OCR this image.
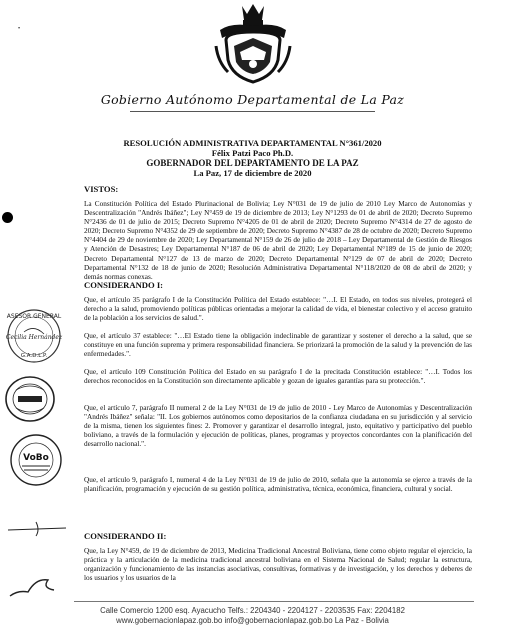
•
Gobierno Autónomo Departamental de La Paz
RESOLUCIÓN ADMINISTRATIVA DEPARTAMENTAL N°361/2020
Félix Patzi Paco Ph.D.
GOBERNADOR DEL DEPARTAMENTO DE LA PAZ
La Paz, 17 de diciembre de 2020
VISTOS:

La Constitución Política del Estado Plurinacional de Bolivia; Ley N°031 de 19 de julio de 2010 Ley Marco de Autonomías y Descentralización "Andrés Ibáñez"; Ley N°459 de 19 de diciembre de 2013; Ley N°1293 de 01 de abril de 2020; Decreto Supremo N°2436 de 01 de julio de 2015; Decreto Supremo N°4205 de 01 de abril de 2020; Decreto Supremo N°4314 de 27 de agosto de 2020; Decreto Supremo N°4352 de 29 de septiembre de 2020; Decreto Supremo N°4387 de 28 de octubre de 2020; Decreto Supremo N°4404 de 29 de noviembre de 2020; Ley Departamental N°159 de 26 de julio de 2018 – Ley Departamental de Gestión de Riesgos y Atención de Desastres; Ley Departamental N°187 de 06 de abril de 2020; Ley Departamental N°189 de 15 de junio de 2020; Decreto Departamental N°127 de 13 de marzo de 2020; Decreto Departamental N°129 de 07 de abril de 2020; Decreto Departamental N°132 de 18 de junio de 2020; Resolución Administrativa Departamental N°118/2020 de 08 de abril de 2020; y demás normas conexas.

CONSIDERANDO I:

Que, el artículo 35 parágrafo I de la Constitución Política del Estado establece: "…I. El Estado, en todos sus niveles, protegerá el derecho a la salud, promoviendo políticas públicas orientadas a mejorar la calidad de vida, el bienestar colectivo y el acceso gratuito de la población a los servicios de salud.".

Que, el artículo 37 establece: "…El Estado tiene la obligación indeclinable de garantizar y sostener el derecho a la salud, que se constituye en una función suprema y primera responsabilidad financiera. Se priorizará la promoción de la salud y la prevención de las enfermedades.".

Que, el artículo 109 Constitución Política del Estado en su parágrafo I de la precitada Constitución establece: "…I. Todos los derechos reconocidos en la Constitución son directamente aplicable y gozan de iguales garantías para su protección.".

Que, el artículo 7, parágrafo II numeral 2 de la Ley N°031 de 19 de julio de 2010 - Ley Marco de Autonomías y Descentralización "Andrés Ibáñez" señala: "II. Los gobiernos autónomos como depositarios de la confianza ciudadana en su jurisdicción y al servicio de la misma, tienen los siguientes fines: 2. Promover y garantizar el desarrollo integral, justo, equitativo y participativo del pueblo boliviano, a través de la formulación y ejecución de políticas, planes, programas y proyectos concordantes con la planificación del desarrollo nacional.".

Que, el artículo 9, parágrafo I, numeral 4 de la Ley N°031 de 19 de julio de 2010, señala que la autonomía se ejerce a través de la planificación, programación y ejecución de su gestión política, administrativa, técnica, económica, financiera, cultural y social.

CONSIDERANDO II:

Que, la Ley N°459, de 19 de diciembre de 2013, Medicina Tradicional Ancestral Boliviana, tiene como objeto regular el ejercicio, la práctica y la articulación de la medicina tradicional ancestral boliviana en el Sistema Nacional de Salud; regular la estructura, organización y funcionamiento de las instancias asociativas, consultivas, formativas y de investigación, y los derechos y deberes de los usuarios y los usuarios de la

ASESOR GENERAL
Cecilia Hernández
G.A.D.L.P.
VoBo
Calle Comercio 1200 esq. Ayacucho Telfs.: 2204340 - 2204127 - 2203535 Fax: 2204182
www.gobernacionlapaz.gob.bo info@gobernacionlapaz.gob.bo La Paz - Bolivia
